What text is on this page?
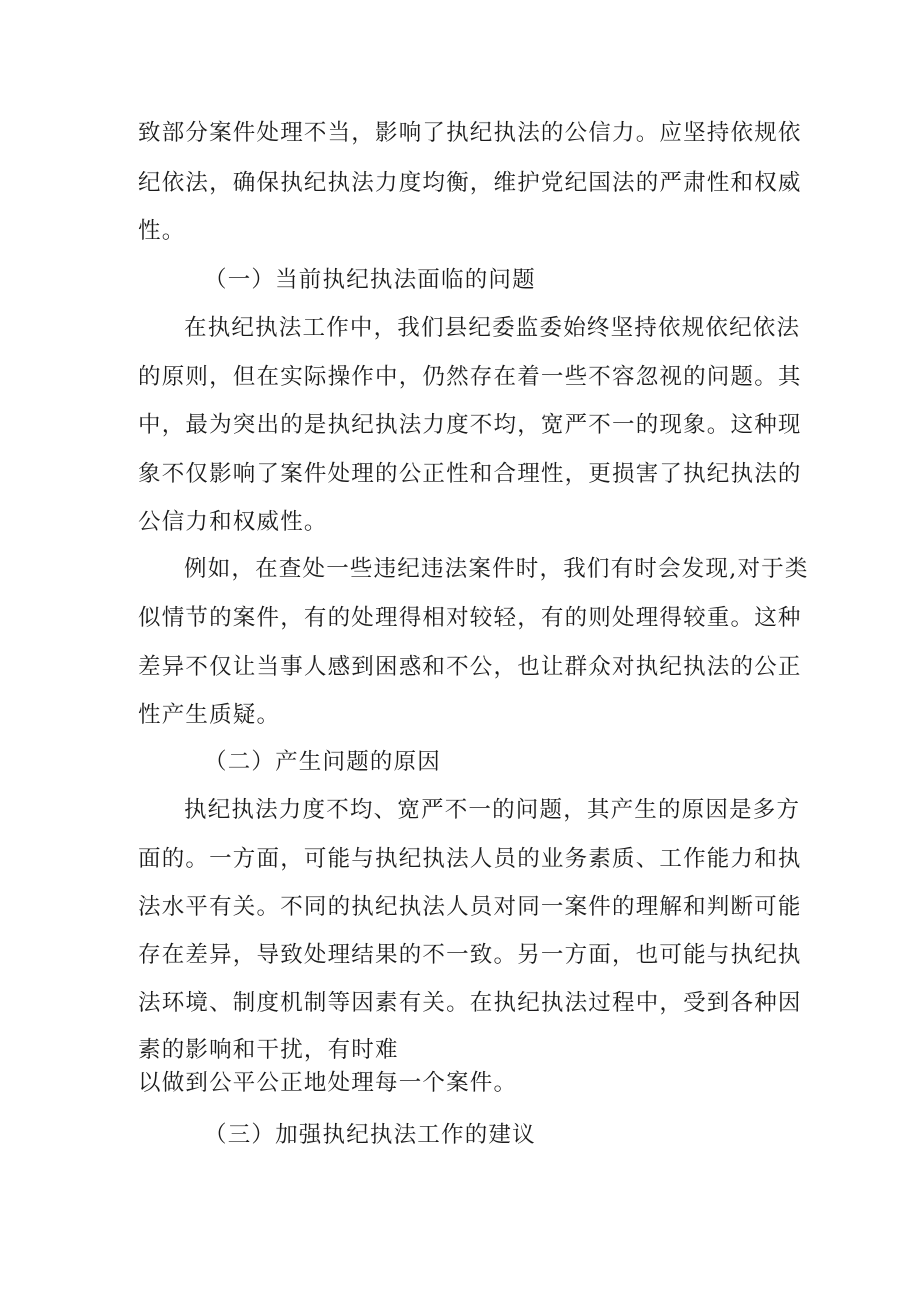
致部分案件处理不当，影响了执纪执法的公信力。应坚持依规依
纪依法，确保执纪执法力度均衡，维护党纪国法的严肃性和权威
性。
（一）当前执纪执法面临的问题
在执纪执法工作中，我们县纪委监委始终坚持依规依纪依法
的原则，但在实际操作中，仍然存在着一些不容忽视的问题。其
中，最为突出的是执纪执法力度不均，宽严不一的现象。这种现
象不仅影响了案件处理的公正性和合理性，更损害了执纪执法的
公信力和权威性。
例如，在查处一些违纪违法案件时，我们有时会发现,对于类
似情节的案件，有的处理得相对较轻，有的则处理得较重。这种
差异不仅让当事人感到困惑和不公，也让群众对执纪执法的公正
性产生质疑。
（二）产生问题的原因
执纪执法力度不均、宽严不一的问题，其产生的原因是多方
面的。一方面，可能与执纪执法人员的业务素质、工作能力和执
法水平有关。不同的执纪执法人员对同一案件的理解和判断可能
存在差异，导致处理结果的不一致。另一方面，也可能与执纪执
法环境、制度机制等因素有关。在执纪执法过程中，受到各种因
素的影响和干扰，有时难
以做到公平公正地处理每一个案件。
（三）加强执纪执法工作的建议
